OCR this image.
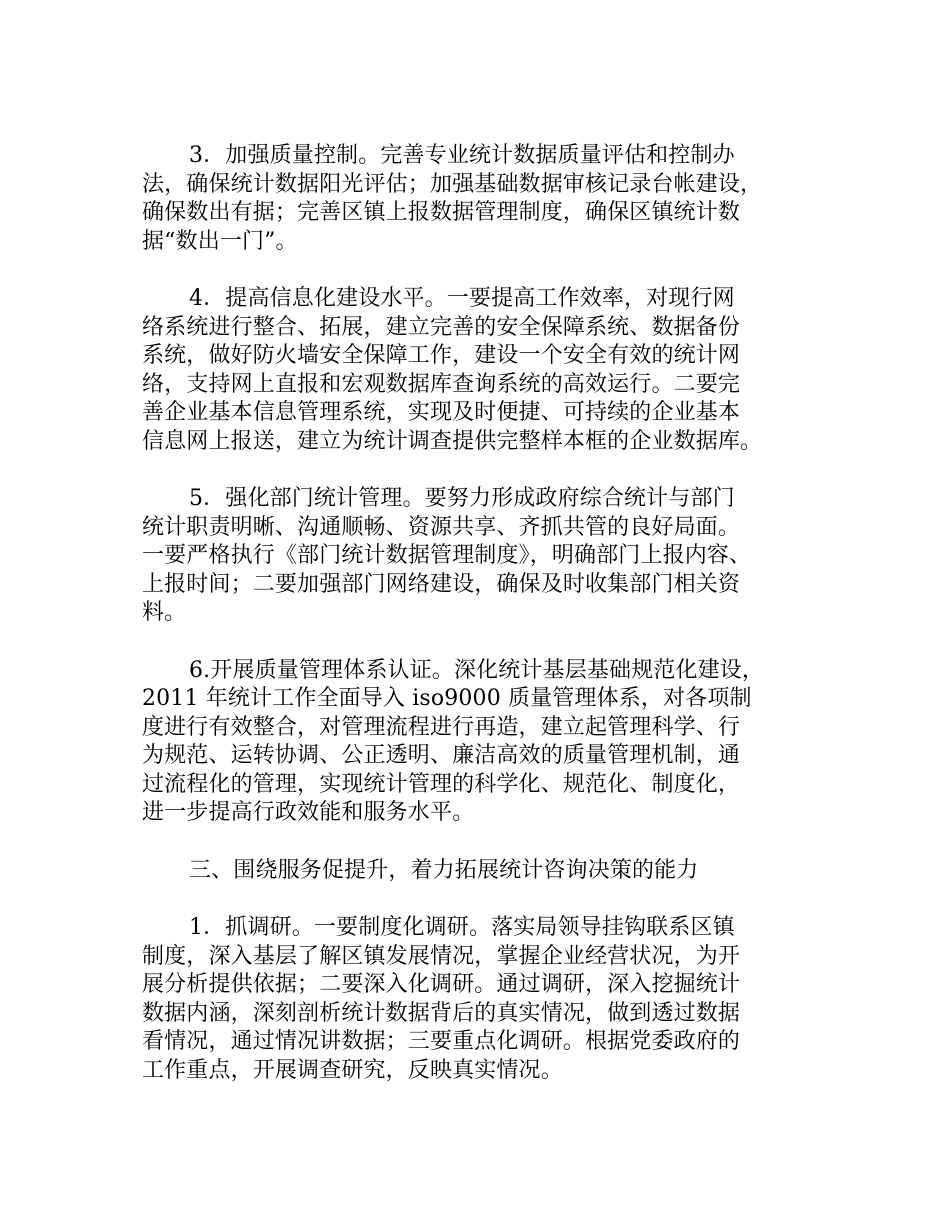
3．加强质量控制。完善专业统计数据质量评估和控制办
法，确保统计数据阳光评估；加强基础数据审核记录台帐建设，
确保数出有据；完善区镇上报数据管理制度，确保区镇统计数
据“数出一门”。

4．提高信息化建设水平。一要提高工作效率，对现行网
络系统进行整合、拓展，建立完善的安全保障系统、数据备份
系统，做好防火墙安全保障工作，建设一个安全有效的统计网
络，支持网上直报和宏观数据库查询系统的高效运行。二要完
善企业基本信息管理系统，实现及时便捷、可持续的企业基本
信息网上报送，建立为统计调查提供完整样本框的企业数据库。

5．强化部门统计管理。要努力形成政府综合统计与部门
统计职责明晰、沟通顺畅、资源共享、齐抓共管的良好局面。
一要严格执行《部门统计数据管理制度》，明确部门上报内容、
上报时间；二要加强部门网络建设，确保及时收集部门相关资
料。

6.开展质量管理体系认证。深化统计基层基础规范化建设，
2011 年统计工作全面导入 iso9000 质量管理体系，对各项制
度进行有效整合，对管理流程进行再造，建立起管理科学、行
为规范、运转协调、公正透明、廉洁高效的质量管理机制，通
过流程化的管理，实现统计管理的科学化、规范化、制度化，
进一步提高行政效能和服务水平。

三、围绕服务促提升，着力拓展统计咨询决策的能力

1．抓调研。一要制度化调研。落实局领导挂钩联系区镇
制度，深入基层了解区镇发展情况，掌握企业经营状况，为开
展分析提供依据；二要深入化调研。通过调研，深入挖掘统计
数据内涵，深刻剖析统计数据背后的真实情况，做到透过数据
看情况，通过情况讲数据；三要重点化调研。根据党委政府的
工作重点，开展调查研究，反映真实情况。
